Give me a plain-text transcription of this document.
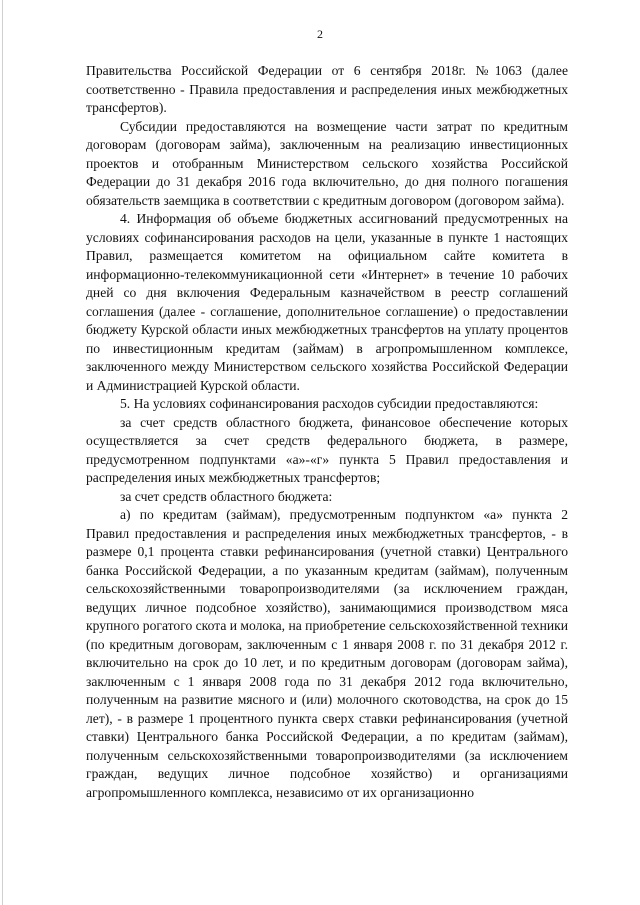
2

Правительства Российской Федерации от 6 сентября 2018г. №1063 (далее соответственно - Правила предоставления и распределения иных межбюджетных трансфертов).

Субсидии предоставляются на возмещение части затрат по кредитным договорам (договорам займа), заключенным на реализацию инвестиционных проектов и отобранным Министерством сельского хозяйства Российской Федерации до 31 декабря 2016 года включительно, до дня полного погашения обязательств заемщика в соответствии с кредитным договором (договором займа).

4. Информация об объеме бюджетных ассигнований предусмотренных на условиях софинансирования расходов на цели, указанные в пункте 1 настоящих Правил, размещается комитетом на официальном сайте комитета в информационно-телекоммуникационной сети «Интернет» в течение 10 рабочих дней со дня включения Федеральным казначейством в реестр соглашений соглашения (далее - соглашение, дополнительное соглашение) о предоставлении бюджету Курской области иных межбюджетных трансфертов на уплату процентов по инвестиционным кредитам (займам) в агропромышленном комплексе, заключенного между Министерством сельского хозяйства Российской Федерации и Администрацией Курской области.

5. На условиях софинансирования расходов субсидии предоставляются:

за счет средств областного бюджета, финансовое обеспечение которых осуществляется за счет средств федерального бюджета, в размере, предусмотренном подпунктами «а»-«г» пункта 5 Правил предоставления и распределения иных межбюджетных трансфертов;

за счет средств областного бюджета:

а) по кредитам (займам), предусмотренным подпунктом «а» пункта 2 Правил предоставления и распределения иных межбюджетных трансфертов, - в размере 0,1 процента ставки рефинансирования (учетной ставки) Центрального банка Российской Федерации, а по указанным кредитам (займам), полученным сельскохозяйственными товаропроизводителями (за исключением граждан, ведущих личное подсобное хозяйство), занимающимися производством мяса крупного рогатого скота и молока, на приобретение сельскохозяйственной техники (по кредитным договорам, заключенным с 1 января 2008 г. по 31 декабря 2012 г. включительно на срок до 10 лет, и по кредитным договорам (договорам займа), заключенным с 1 января 2008 года по 31 декабря 2012 года включительно, полученным на развитие мясного и (или) молочного скотоводства, на срок до 15 лет), - в размере 1 процентного пункта сверх ставки рефинансирования (учетной ставки) Центрального банка Российской Федерации, а по кредитам (займам), полученным сельскохозяйственными товаропроизводителями (за исключением граждан, ведущих личное подсобное хозяйство) и организациями агропромышленного комплекса, независимо от их организационно
